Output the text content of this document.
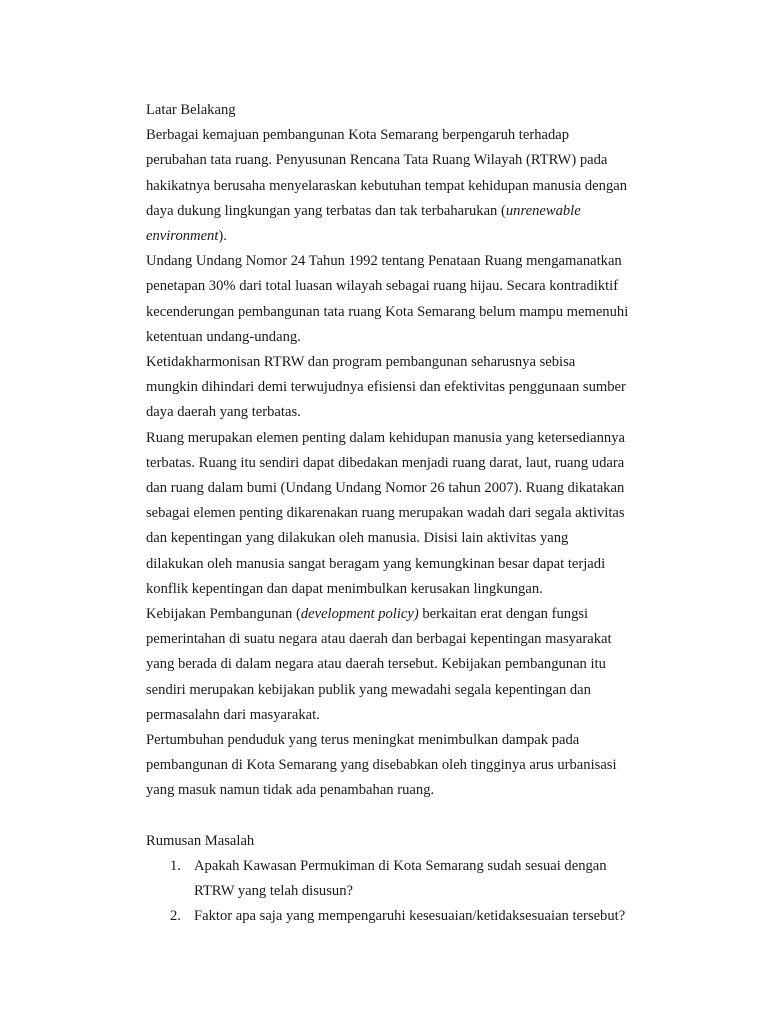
Latar Belakang

Berbagai kemajuan pembangunan Kota Semarang berpengaruh terhadap
perubahan tata ruang. Penyusunan Rencana Tata Ruang Wilayah (RTRW) pada
hakikatnya berusaha menyelaraskan kebutuhan tempat kehidupan manusia dengan
daya dukung lingkungan yang terbatas dan tak terbaharukan (unrenewable
environment).

Undang Undang Nomor 24 Tahun 1992 tentang Penataan Ruang mengamanatkan
penetapan 30% dari total luasan wilayah sebagai ruang hijau. Secara kontradiktif
kecenderungan pembangunan tata ruang Kota Semarang belum mampu memenuhi
ketentuan undang-undang.

Ketidakharmonisan RTRW dan program pembangunan seharusnya sebisa
mungkin dihindari demi terwujudnya efisiensi dan efektivitas penggunaan sumber
daya daerah yang terbatas.

Ruang merupakan elemen penting dalam kehidupan manusia yang ketersediannya
terbatas. Ruang itu sendiri dapat dibedakan menjadi ruang darat, laut, ruang udara
dan ruang dalam bumi (Undang Undang Nomor 26 tahun 2007). Ruang dikatakan
sebagai elemen penting dikarenakan ruang merupakan wadah dari segala aktivitas
dan kepentingan yang dilakukan oleh manusia. Disisi lain aktivitas yang
dilakukan oleh manusia sangat beragam yang kemungkinan besar dapat terjadi
konflik kepentingan dan dapat menimbulkan kerusakan lingkungan.

Kebijakan Pembangunan (development policy) berkaitan erat dengan fungsi
pemerintahan di suatu negara atau daerah dan berbagai kepentingan masyarakat
yang berada di dalam negara atau daerah tersebut. Kebijakan pembangunan itu
sendiri merupakan kebijakan publik yang mewadahi segala kepentingan dan
permasalahn dari masyarakat.

Pertumbuhan penduduk yang terus meningkat menimbulkan dampak pada
pembangunan di Kota Semarang yang disebabkan oleh tingginya arus urbanisasi
yang masuk namun tidak ada penambahan ruang.

Rumusan Masalah

1. Apakah Kawasan Permukiman di Kota Semarang sudah sesuai dengan
RTRW yang telah disusun?
2. Faktor apa saja yang mempengaruhi kesesuaian/ketidaksesuaian tersebut?
